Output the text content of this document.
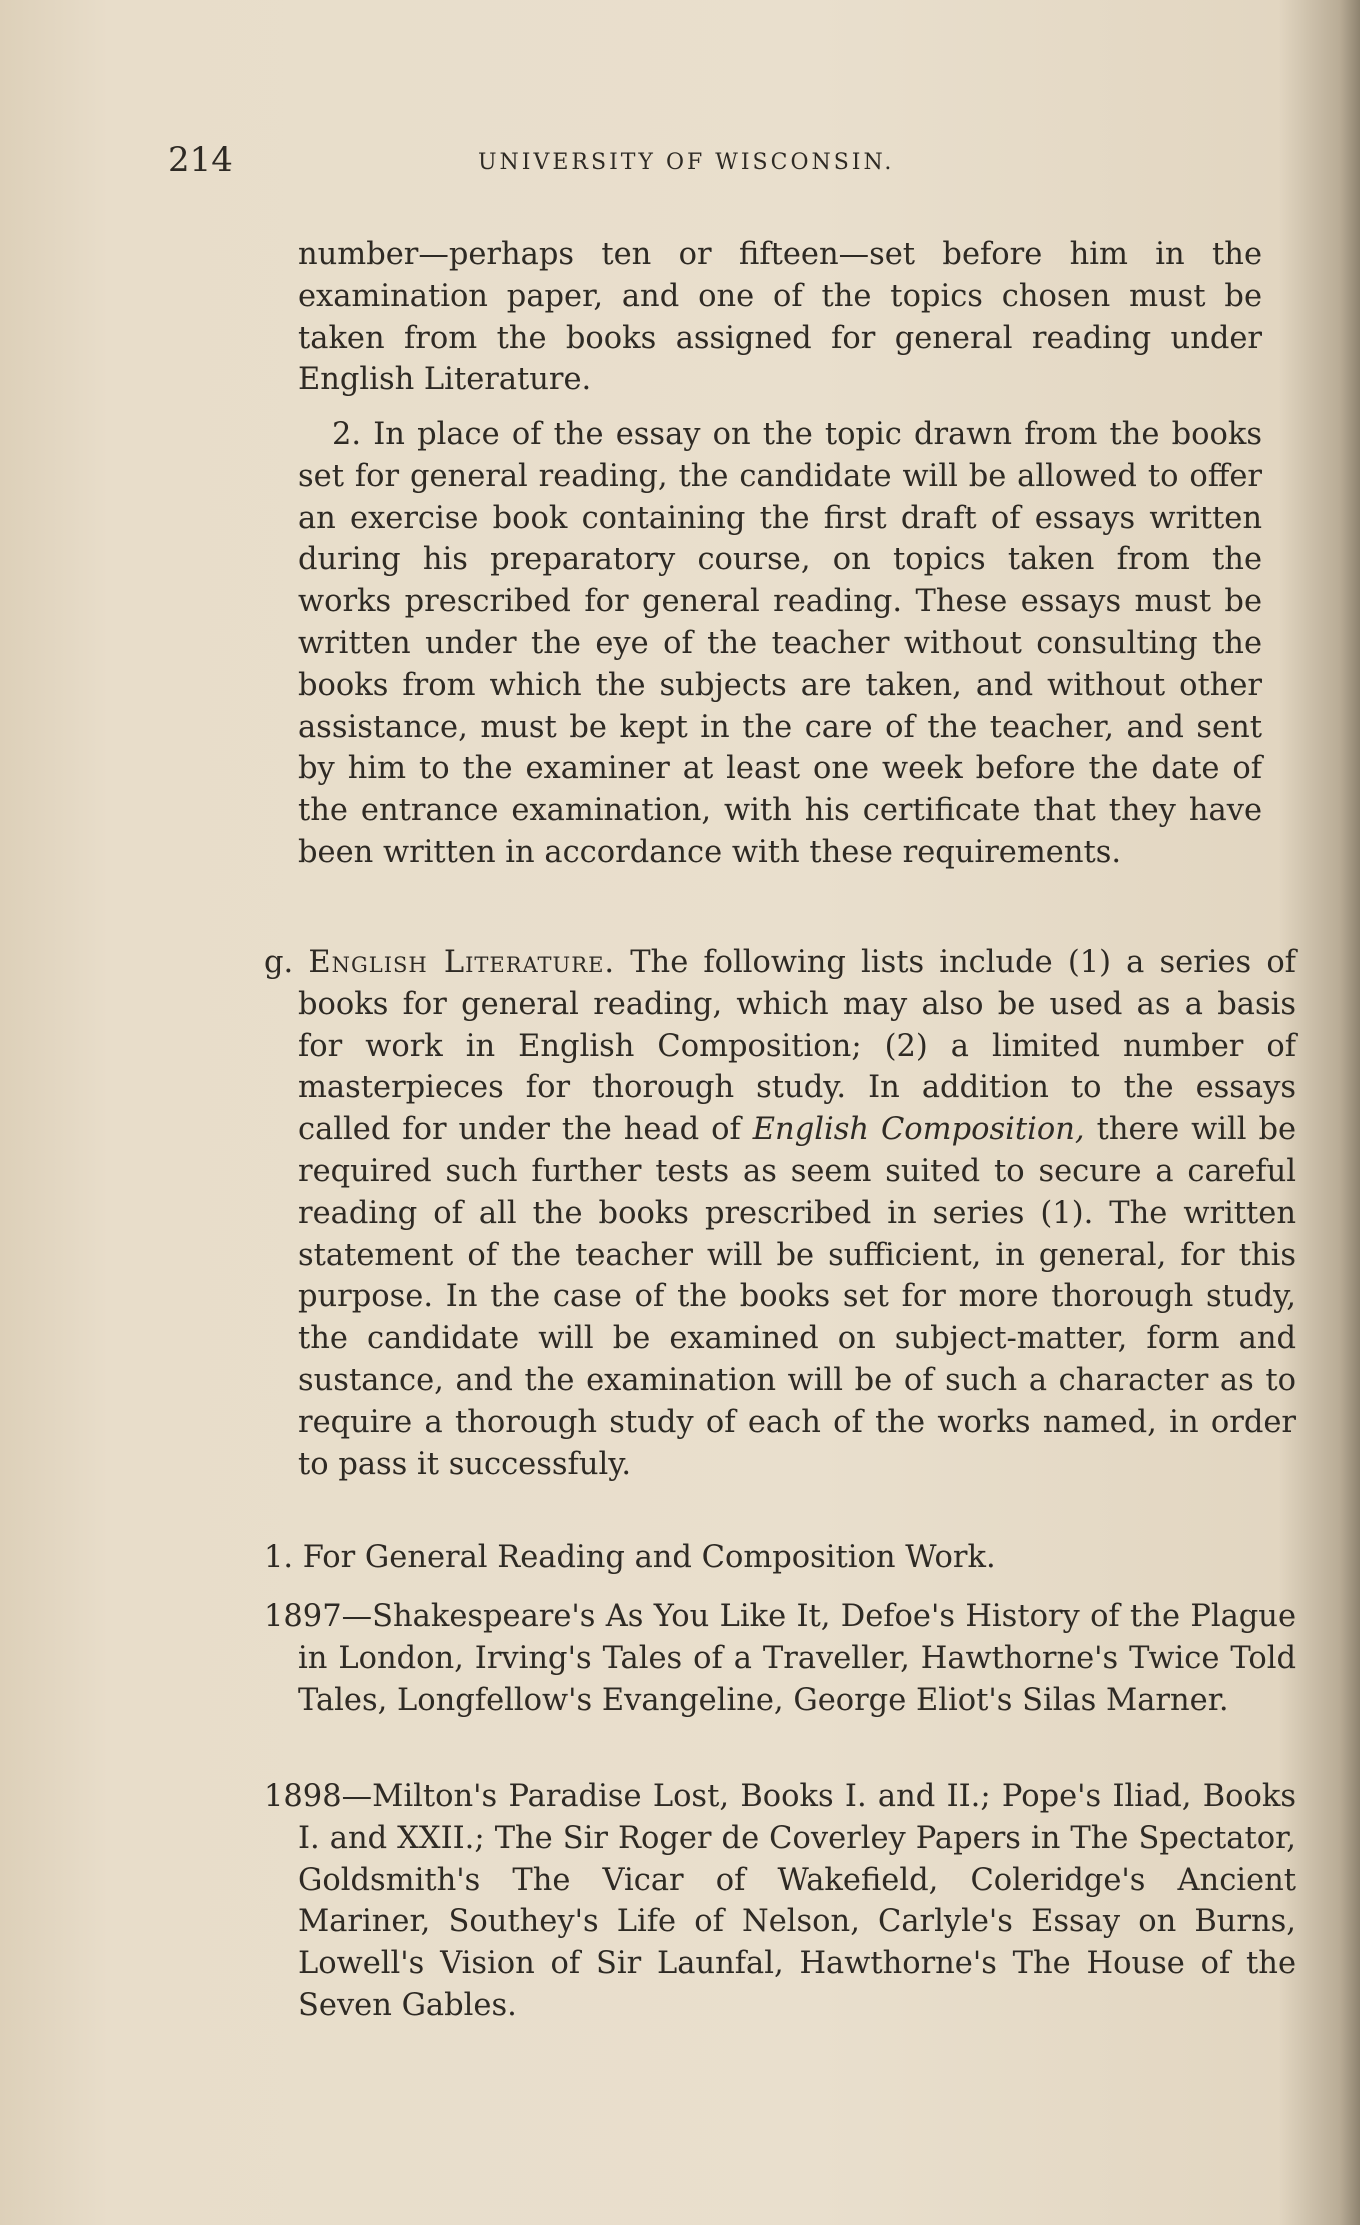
214	UNIVERSITY OF WISCONSIN.

number—perhaps ten or fifteen—set before him in the examination paper, and one of the topics chosen must be taken from the books assigned for general reading under English Literature.

2. In place of the essay on the topic drawn from the books set for general reading, the candidate will be allowed to offer an exercise book containing the first draft of essays written during his preparatory course, on topics taken from the works prescribed for general reading. These essays must be written under the eye of the teacher without consulting the books from which the subjects are taken, and without other assistance, must be kept in the care of the teacher, and sent by him to the examiner at least one week before the date of the entrance examination, with his certificate that they have been written in accordance with these requirements.

g. English Literature. The following lists include (1) a series of books for general reading, which may also be used as a basis for work in English Composition; (2) a limited number of masterpieces for thorough study. In addition to the essays called for under the head of English Composition, there will be required such further tests as seem suited to secure a careful reading of all the books prescribed in series (1). The written statement of the teacher will be sufficient, in general, for this purpose. In the case of the books set for more thorough study, the candidate will be examined on subject-matter, form and sustance, and the examination will be of such a character as to require a thorough study of each of the works named, in order to pass it successfuly.

1. For General Reading and Composition Work.

1897—Shakespeare's As You Like It, Defoe's History of the Plague in London, Irving's Tales of a Traveller, Hawthorne's Twice Told Tales, Longfellow's Evangeline, George Eliot's Silas Marner.

1898—Milton's Paradise Lost, Books I. and II.; Pope's Iliad, Books I. and XXII.; The Sir Roger de Coverley Papers in The Spectator, Goldsmith's The Vicar of Wakefield, Coleridge's Ancient Mariner, Southey's Life of Nelson, Carlyle's Essay on Burns, Lowell's Vision of Sir Launfal, Hawthorne's The House of the Seven Gables.
